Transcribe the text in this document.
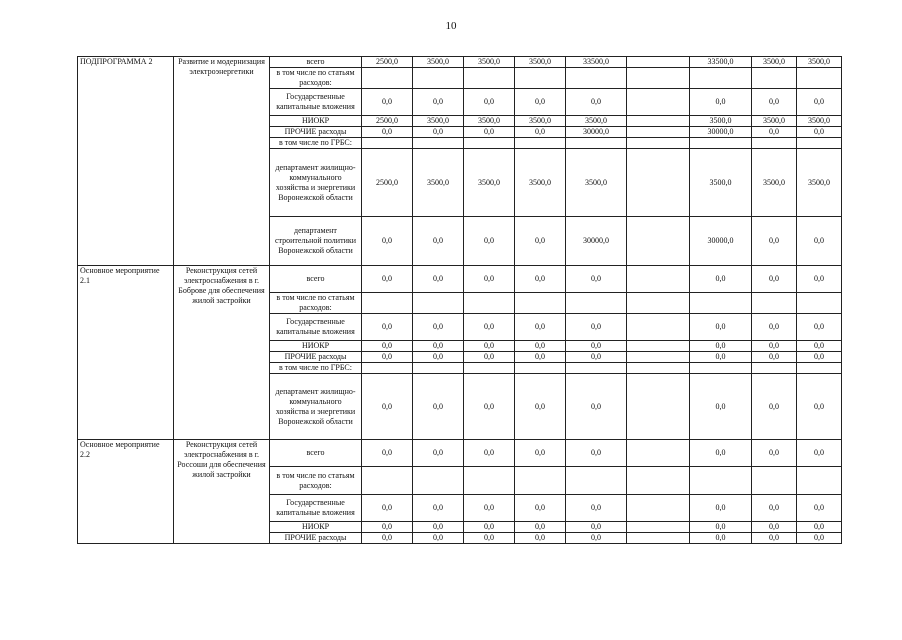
10
ПОДПРОГРАММА 2	Развитие и модернизация электроэнергетики	всего	2500,0	3500,0	3500,0	3500,0	33500,0		33500,0	3500,0	3500,0
		в том числе по статьям расходов:									
		Государственные капитальные вложения	0,0	0,0	0,0	0,0	0,0		0,0	0,0	0,0
		НИОКР	2500,0	3500,0	3500,0	3500,0	3500,0		3500,0	3500,0	3500,0
		ПРОЧИЕ расходы	0,0	0,0	0,0	0,0	30000,0		30000,0	0,0	0,0
		в том числе по ГРБС:									
		департамент жилищно-коммунального хозяйства и энергетики Воронежской области	2500,0	3500,0	3500,0	3500,0	3500,0		3500,0	3500,0	3500,0
		департамент строительной политики Воронежской области	0,0	0,0	0,0	0,0	30000,0		30000,0	0,0	0,0
Основное мероприятие 2.1	Реконструкция сетей электроснабжения в г. Боброве для обеспечения жилой застройки	всего	0,0	0,0	0,0	0,0	0,0		0,0	0,0	0,0
		в том числе по статьям расходов:									
		Государственные капитальные вложения	0,0	0,0	0,0	0,0	0,0		0,0	0,0	0,0
		НИОКР	0,0	0,0	0,0	0,0	0,0		0,0	0,0	0,0
		ПРОЧИЕ расходы	0,0	0,0	0,0	0,0	0,0		0,0	0,0	0,0
		в том числе по ГРБС:									
		департамент жилищно-коммунального хозяйства и энергетики Воронежской области	0,0	0,0	0,0	0,0	0,0		0,0	0,0	0,0
Основное мероприятие 2.2	Реконструкция сетей электроснабжения в г. Россоши для обеспечения жилой застройки	всего	0,0	0,0	0,0	0,0	0,0		0,0	0,0	0,0
		в том числе по статьям расходов:									
		Государственные капитальные вложения	0,0	0,0	0,0	0,0	0,0		0,0	0,0	0,0
		НИОКР	0,0	0,0	0,0	0,0	0,0		0,0	0,0	0,0
		ПРОЧИЕ расходы	0,0	0,0	0,0	0,0	0,0		0,0	0,0	0,0
